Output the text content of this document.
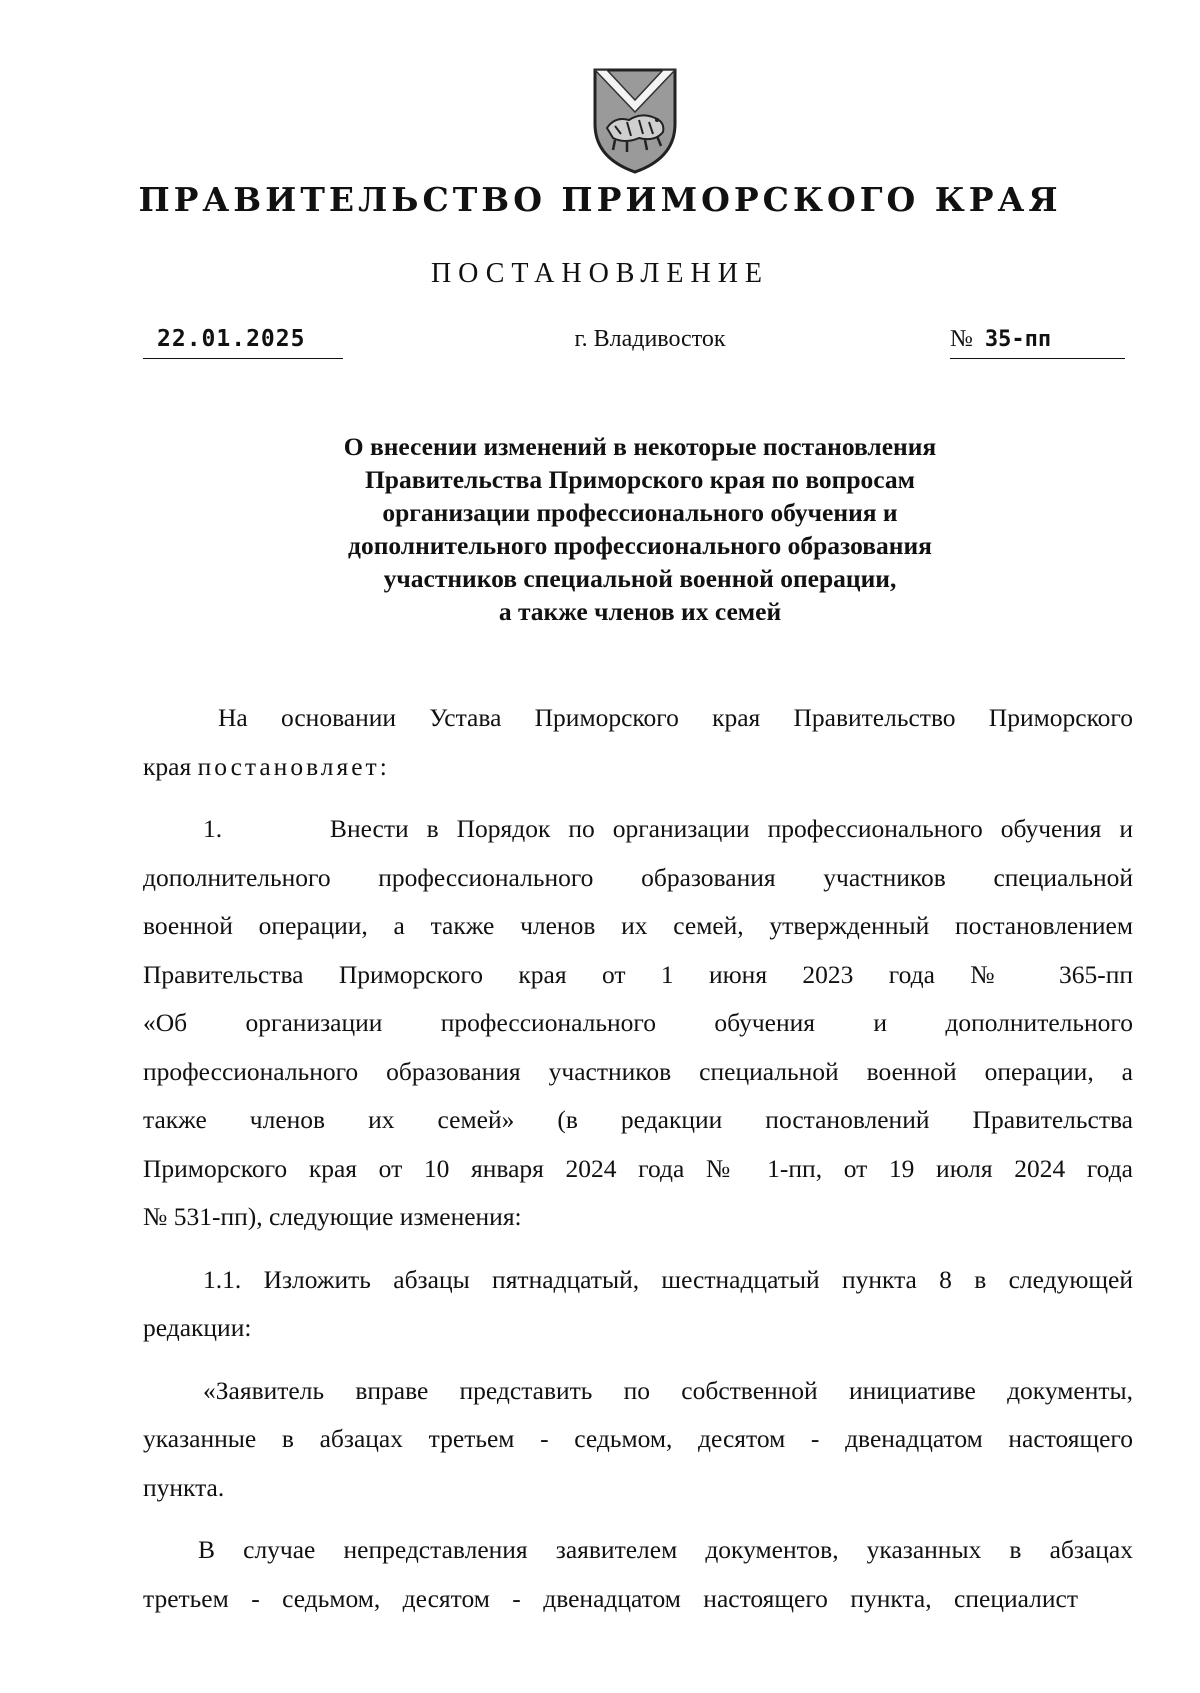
ПРАВИТЕЛЬСТВО ПРИМОРСКОГО КРАЯ
ПОСТАНОВЛЕНИЕ
22.01.2025	г. Владивосток	№ 35-пп
О внесении изменений в некоторые постановления
Правительства Приморского края по вопросам
организации профессионального обучения и
дополнительного профессионального образования
участников специальной военной операции,
а также членов их семей

На основании Устава Приморского края Правительство Приморского

края постановляет:

1.      Внести в Порядок по организации профессионального обучения и

дополнительного профессионального образования участников специальной

военной операции, а также членов их семей, утвержденный постановлением

Правительства Приморского края от 1 июня 2023 года № 365-пп

«Об организации профессионального обучения и дополнительного

профессионального образования участников специальной военной операции, а

также членов их семей» (в редакции постановлений Правительства

Приморского края от 10 января 2024 года № 1-пп, от 19 июля 2024 года

№ 531-пп), следующие изменения:

1.1. Изложить абзацы пятнадцатый, шестнадцатый пункта 8 в следующей

редакции:

«Заявитель вправе представить по собственной инициативе документы,

указанные в абзацах третьем - седьмом, десятом - двенадцатом настоящего

пункта.

В случае непредставления заявителем документов, указанных в абзацах

третьем - седьмом, десятом - двенадцатом настоящего пункта, специалист
